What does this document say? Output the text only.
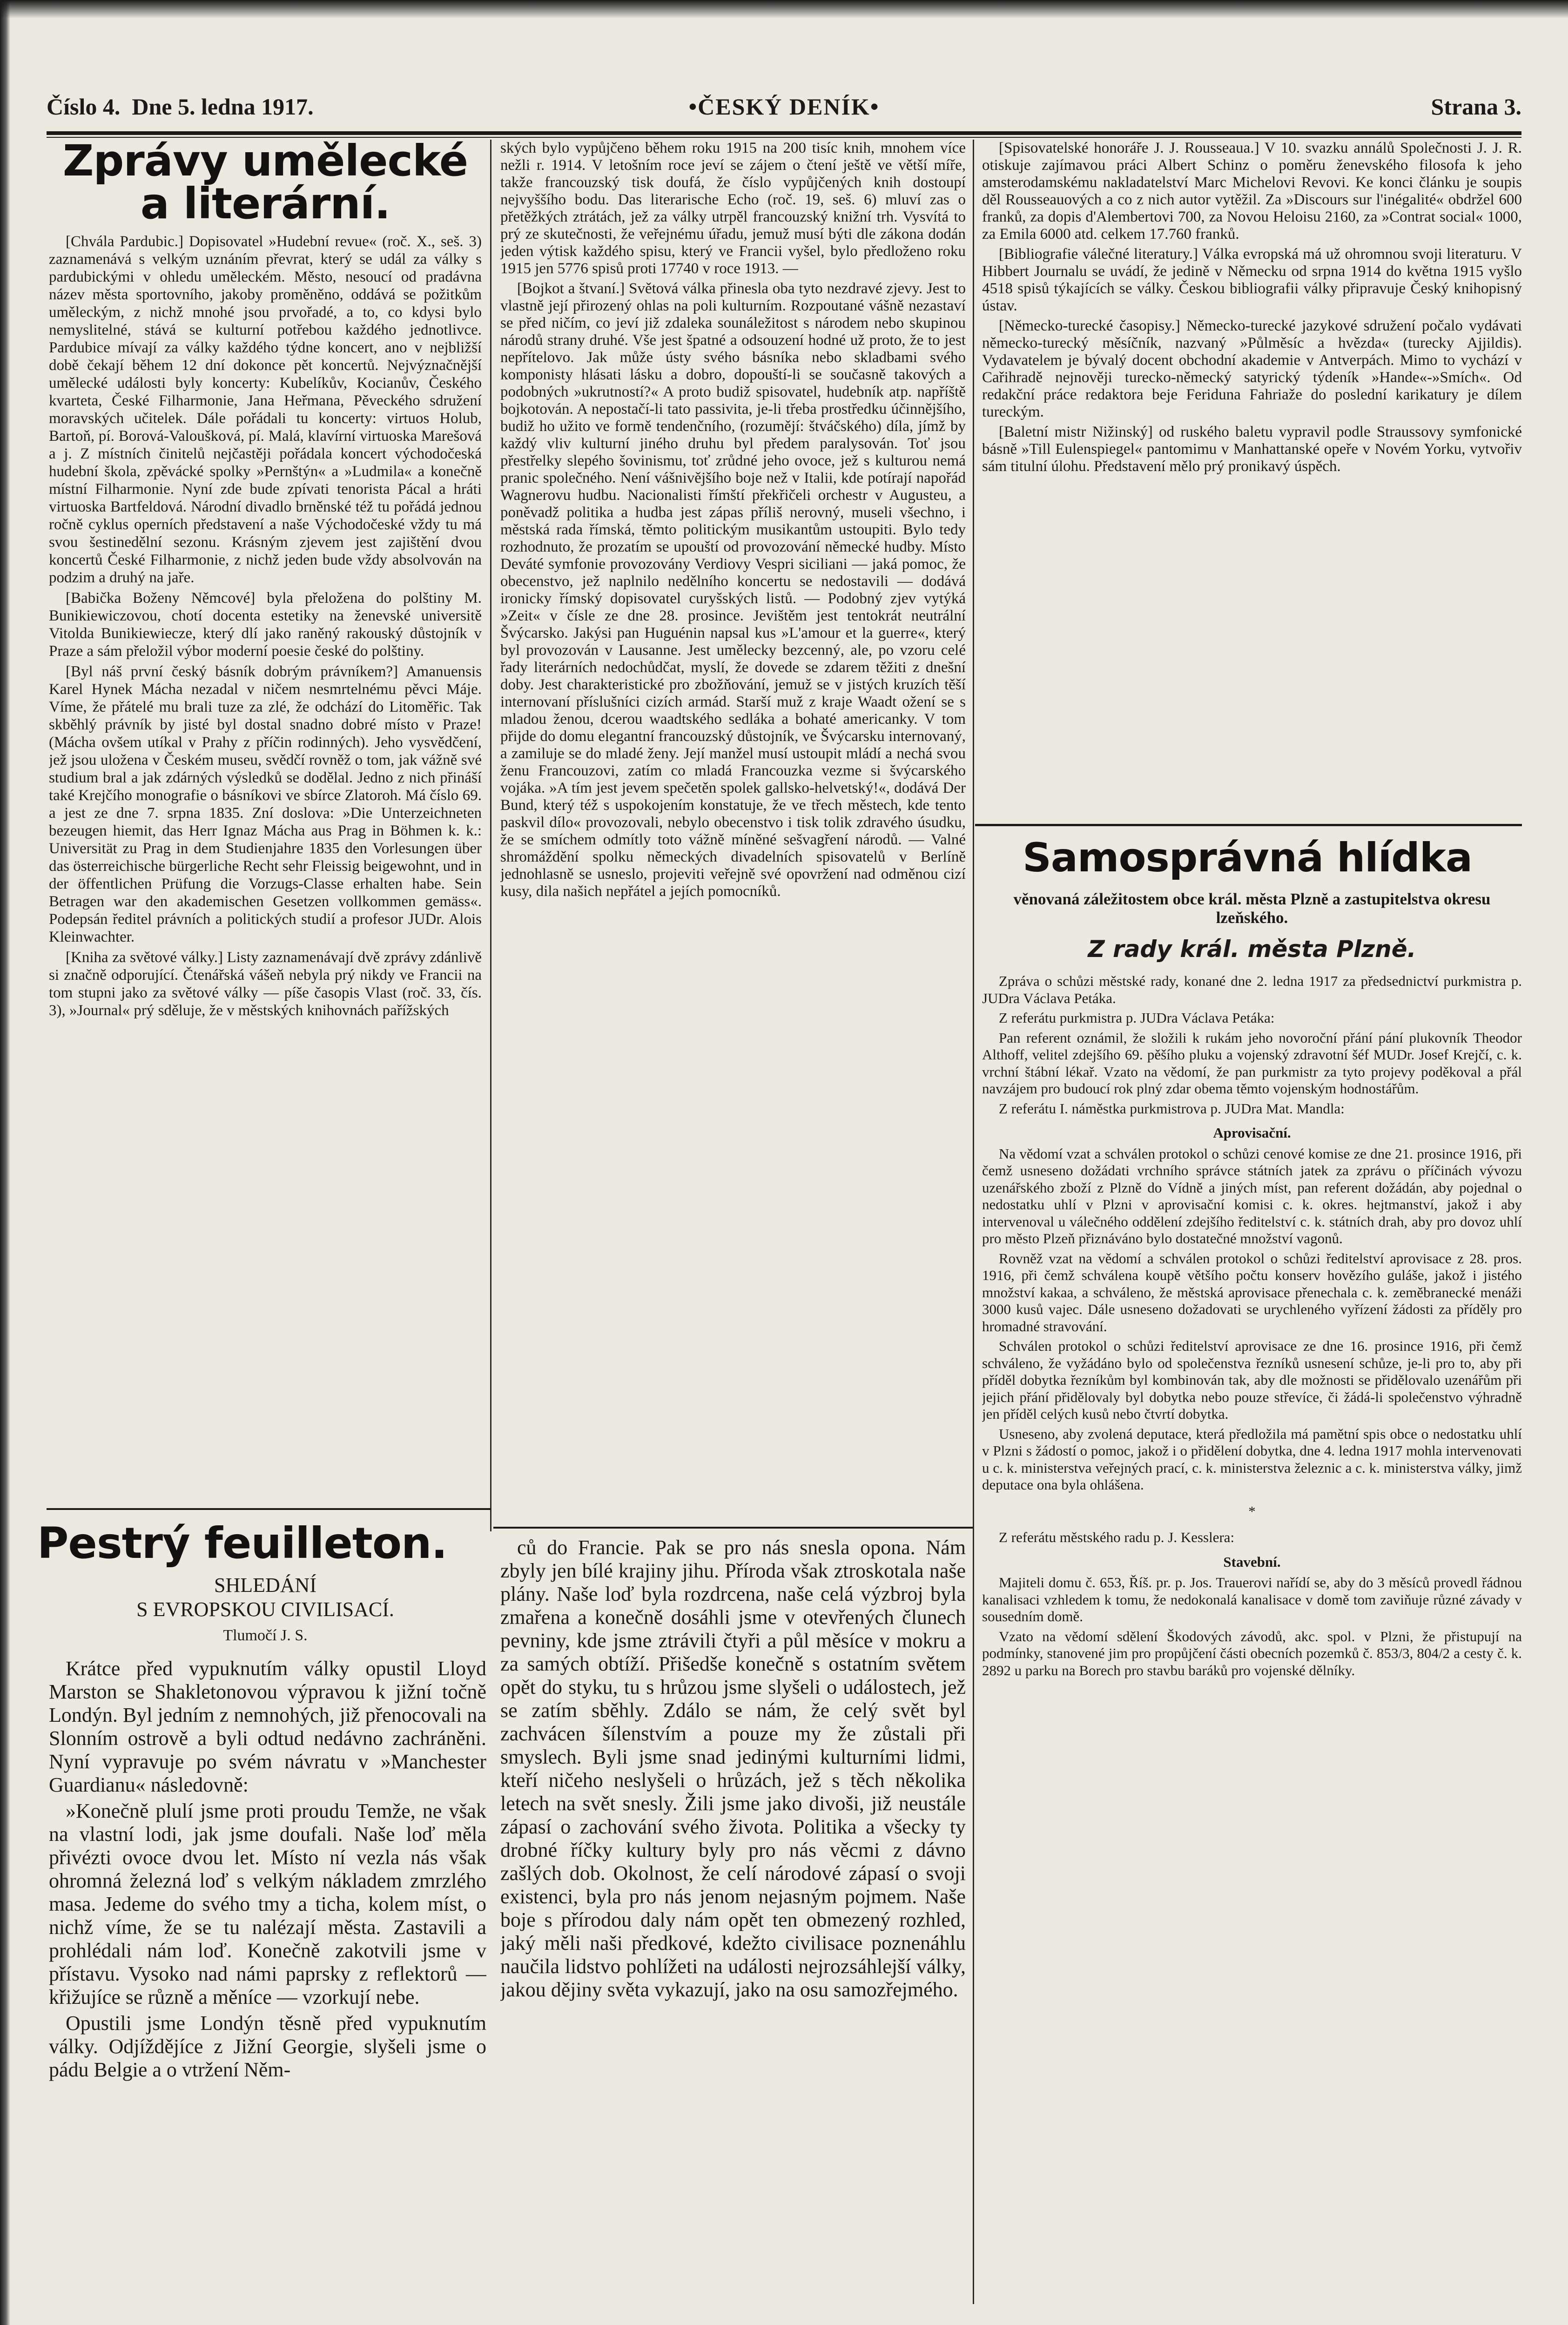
Číslo 4. Dne 5. ledna 1917.	•ČESKÝ DENÍK•	Strana 3.
Zprávy umělecké a literární.

[Chvála Pardubic.] Dopisovatel »Hudební revue« (roč. X., seš. 3) zaznamenává s velkým uznáním převrat, který se udál za války s pardubickými v ohledu uměleckém. Město, nesoucí od pradávna název města sportovního, jakoby proměněno, oddává se požitkům uměleckým, z nichž mnohé jsou prvořadé, a to, co kdysi bylo nemyslitelné, stává se kulturní potřebou každého jednotlivce. Pardubice mívají za války každého týdne koncert, ano v nejbližší době čekají během 12 dní dokonce pět koncertů. Nejvýznačnější umělecké události byly koncerty: Kubelíkův, Kocianův, Českého kvarteta, České Filharmonie, Jana Heřmana, Pěveckého sdružení moravských učitelek. Dále pořádali tu koncerty: virtuos Holub, Bartoň, pí. Borová-Valoušková, pí. Malá, klavírní virtuoska Marešová a j. Z místních činitelů nejčastěji pořádala koncert východočeská hudební škola, zpěvácké spolky »Pernštýn« a »Ludmila« a konečně místní Filharmonie. Nyní zde bude zpívati tenorista Pácal a hráti virtuoska Bartfeldová. Národní divadlo brněnské též tu pořádá jednou ročně cyklus operních představení a naše Východočeské vždy tu má svou šestinedělní sezonu. Krásným zjevem jest zajištění dvou koncertů České Filharmonie, z nichž jeden bude vždy absolvován na podzim a druhý na jaře.

[Babička Boženy Němcové] byla přeložena do polštiny M. Bunikiewiczovou, chotí docenta estetiky na ženevské universitě Vitolda Bunikiewiecze, který dlí jako raněný rakouský důstojník v Praze a sám přeložil výbor moderní poesie české do polštiny.

[Byl náš první český básník dobrým právníkem?] Amanuensis Karel Hynek Mácha nezadal v ničem nesmrtelnému pěvci Máje. Víme, že přátelé mu brali tuze za zlé, že odchází do Litoměřic. Tak skběhlý právník by jisté byl dostal snadno dobré místo v Praze! (Mácha ovšem utíkal v Prahy z příčin rodinných). Jeho vysvědčení, jež jsou uložena v Českém museu, svědčí rovněž o tom, jak vážně své studium bral a jak zdárných výsledků se dodělal. Jedno z nich přináší také Krejčího monografie o básníkovi ve sbírce Zlatoroh. Má číslo 69. a jest ze dne 7. srpna 1835. Zní doslova: »Die Unterzeichneten bezeugen hiemit, das Herr Ignaz Mácha aus Prag in Böhmen k. k.: Universität zu Prag in dem Studienjahre 1835 den Vorlesungen über das österreichische bürgerliche Recht sehr Fleissig beigewohnt, und in der öffentlichen Prüfung die Vorzugs-Classe erhalten habe. Sein Betragen war den akademischen Gesetzen vollkommen gemäss«. Podepsán ředitel právních a politických studií a profesor JUDr. Alois Kleinwachter.

[Kniha za světové války.] Listy zaznamenávají dvě zprávy zdánlivě si značně odporující. Čtenářská vášeň nebyla prý nikdy ve Francii na tom stupni jako za světové války — píše časopis Vlast (roč. 33, čís. 3), »Journal« prý sděluje, že v městských knihovnách pařížských

Pestrý feuilleton.
SHLEDÁNÍ
S EVROPSKOU CIVILISACÍ.
Tlumočí J. S.

Krátce před vypuknutím války opustil Lloyd Marston se Shakletonovou výpravou k jižní točně Londýn. Byl jedním z nemnohých, již přenocovali na Slonním ostrově a byli odtud nedávno zachráněni. Nyní vypravuje po svém návratu v »Manchester Guardianu« následovně:

»Konečně plulí jsme proti proudu Temže, ne však na vlastní lodi, jak jsme doufali. Naše loď měla přivézti ovoce dvou let. Místo ní vezla nás však ohromná železná loď s velkým nákladem zmrzlého masa. Jedeme do svého tmy a ticha, kolem míst, o nichž víme, že se tu nalézají města. Zastavili a prohlédali nám loď. Konečně zakotvili jsme v přístavu. Vysoko nad námi paprsky z reflektorů — křižujíce se různě a měníce — vzorkují nebe.

Opustili jsme Londýn těsně před vypuknutím války. Odjíždějíce z Jižní Georgie, slyšeli jsme o pádu Belgie a o vtržení Něm-

ských bylo vypůjčeno během roku 1915 na 200 tisíc knih, mnohem více nežli r. 1914. V letošním roce jeví se zájem o čtení ještě ve větší míře, takže francouzský tisk doufá, že číslo vypůjčených knih dostoupí nejvyššího bodu. Das literarische Echo (roč. 19, seš. 6) mluví zas o přetěžkých ztrátách, jež za války utrpěl francouzský knižní trh. Vysvítá to prý ze skutečnosti, že veřejnému úřadu, jemuž musí býti dle zákona dodán jeden výtisk každého spisu, který ve Francii vyšel, bylo předloženo roku 1915 jen 5776 spisů proti 17740 v roce 1913. —

[Bojkot a štvaní.] Světová válka přinesla oba tyto nezdravé zjevy. Jest to vlastně její přirozený ohlas na poli kulturním. Rozpoutané vášně nezastaví se před ničím, co jeví již zdaleka sounáležitost s národem nebo skupinou národů strany druhé. Vše jest špatné a odsouzení hodné už proto, že to jest nepřítelovo. Jak může ústy svého básníka nebo skladbami svého komponisty hlásati lásku a dobro, dopouští-li se současně takových a podobných »ukrutností?« A proto budiž spisovatel, hudebník atp. napříště bojkotován. A nepostačí-li tato passivita, je-li třeba prostředku účinnějšího, budiž ho užito ve formě tendenčního, (rozumějí: štváčského) díla, jímž by každý vliv kulturní jiného druhu byl předem paralysován. Toť jsou přestřelky slepého šovinismu, toť zrůdné jeho ovoce, jež s kulturou nemá pranic společného. Není vášnivějšího boje než v Italii, kde potírají napořád Wagnerovu hudbu. Nacionalisti římští překřičeli orchestr v Augusteu, a poněvadž politika a hudba jest zápas příliš nerovný, museli všechno, i městská rada římská, těmto politickým musikantům ustoupiti. Bylo tedy rozhodnuto, že prozatím se upouští od provozování německé hudby. Místo Deváté symfonie provozovány Verdiovy Vespri siciliani — jaká pomoc, že obecenstvo, jež naplnilo nedělního koncertu se nedostavili — dodává ironicky římský dopisovatel curyšských listů. — Podobný zjev vytýká »Zeit« v čísle ze dne 28. prosince. Jevištěm jest tentokrát neutrální Švýcarsko. Jakýsi pan Huguénin napsal kus »L'amour et la guerre«, který byl provozován v Lausanne. Jest umělecky bezcenný, ale, po vzoru celé řady literárních nedochůdčat, myslí, že dovede se zdarem těžiti z dnešní doby. Jest charakteristické pro zbožňování, jemuž se v jistých kruzích těší internovaní příslušníci cizích armád. Starší muž z kraje Waadt ožení se s mladou ženou, dcerou waadtského sedláka a bohaté americanky. V tom přijde do domu elegantní francouzský důstojník, ve Švýcarsku internovaný, a zamiluje se do mladé ženy. Její manžel musí ustoupit mládí a nechá svou ženu Francouzovi, zatím co mladá Francouzka vezme si švýcarského vojáka. »A tím jest jevem spečetěn spolek gallsko-helvetský!«, dodává Der Bund, který též s uspokojením konstatuje, že ve třech městech, kde tento paskvil dílo« provozovali, nebylo obecenstvo i tisk tolik zdravého úsudku, že se smíchem odmítly toto vážně míněné sešvagření národů. — Valné shromáždění spolku německých divadelních spisovatelů v Berlíně jednohlasně se usneslo, projeviti veřejně své opovržení nad odměnou cizí kusy, dila našich nepřátel a jejích pomocníků.

ců do Francie. Pak se pro nás snesla opona. Nám zbyly jen bílé krajiny jihu. Příroda však ztroskotala naše plány. Naše loď byla rozdrcena, naše celá výzbroj byla zmařena a konečně dosáhli jsme v otevřených člunech pevniny, kde jsme ztrávili čtyři a půl měsíce v mokru a za samých obtíží. Přišedše konečně s ostatním světem opět do styku, tu s hrůzou jsme slyšeli o událostech, jež se zatím sběhly. Zdálo se nám, že celý svět byl zachvácen šílenstvím a pouze my že zůstali při smyslech. Byli jsme snad jedinými kulturními lidmi, kteří ničeho neslyšeli o hrůzách, jež s těch několika letech na svět snesly. Žili jsme jako divoši, již neustále zápasí o zachování svého života. Politika a všecky ty drobné říčky kultury byly pro nás věcmi z dávno zašlých dob. Okolnost, že celí národové zápasí o svoji existenci, byla pro nás jenom nejasným pojmem. Naše boje s přírodou daly nám opět ten obmezený rozhled, jaký měli naši předkové, kdežto civilisace poznenáhlu naučila lidstvo pohlížeti na události nejrozsáhlejší války, jakou dějiny světa vykazují, jako na osu samozřejmého.

[Spisovatelské honoráře J. J. Rousseaua.] V 10. svazku annálů Společnosti J. J. R. otiskuje zajímavou práci Albert Schinz o poměru ženevského filosofa k jeho amsterodamskému nakladatelství Marc Michelovi Revovi. Ke konci článku je soupis děl Rousseauových a co z nich autor vytěžil. Za »Discours sur l'inégalité« obdržel 600 franků, za dopis d'Alembertovi 700, za Novou Heloisu 2160, za »Contrat social« 1000, za Emila 6000 atd. celkem 17.760 franků.

[Bibliografie válečné literatury.] Válka evropská má už ohromnou svoji literaturu. V Hibbert Journalu se uvádí, že jedině v Německu od srpna 1914 do května 1915 vyšlo 4518 spisů týkajících se války. Českou bibliografii války připravuje Český knihopisný ústav.

[Německo-turecké časopisy.] Německo-turecké jazykové sdružení počalo vydávati německo-turecký měsíčník, nazvaný »Půlměsíc a hvězda« (turecky Ajjildis). Vydavatelem je bývalý docent obchodní akademie v Antverpách. Mimo to vychází v Cařihradě nejnověji turecko-německý satyrický týdeník »Hande«-»Smích«. Od redakční práce redaktora beje Feriduna Fahriaže do poslední karikatury je dílem tureckým.

[Baletní mistr Nižinský] od ruského baletu vypravil podle Straussovy symfonické básně »Till Eulenspiegel« pantomimu v Manhattanské opeře v Novém Yorku, vytvořiv sám titulní úlohu. Představení mělo prý pronikavý úspěch.

Samosprávná hlídka
věnovaná záležitostem obce král. města Plzně a zastupitelstva okresu lzeňského.
Z rady král. města Plzně.

Zpráva o schůzi městské rady, konané dne 2. ledna 1917 za předsednictví purkmistra p. JUDra Václava Petáka.

Z referátu purkmistra p. JUDra Václava Petáka:

Pan referent oznámil, že složili k rukám jeho novoroční přání pání plukovník Theodor Althoff, velitel zdejšího 69. pěšího pluku a vojenský zdravotní šéf MUDr. Josef Krejčí, c. k. vrchní štábní lékař. Vzato na vědomí, že pan purkmistr za tyto projevy poděkoval a přál navzájem pro budoucí rok plný zdar obema těmto vojenským hodnostářům.

Z referátu I. náměstka purkmistrova p. JUDra Mat. Mandla:

Aprovisační.

Na vědomí vzat a schválen protokol o schůzi cenové komise ze dne 21. prosince 1916, při čemž usneseno dožádati vrchního správce státních jatek za zprávu o příčinách vývozu uzenářského zboží z Plzně do Vídně a jiných míst, pan referent dožádán, aby pojednal o nedostatku uhlí v Plzni v aprovisační komisi c. k. okres. hejtmanství, jakož i aby intervenoval u válečného oddělení zdejšího ředitelství c. k. státních drah, aby pro dovoz uhlí pro město Plzeň přiznáváno bylo dostatečné množství vagonů.

Rovněž vzat na vědomí a schválen protokol o schůzi ředitelství aprovisace z 28. pros. 1916, při čemž schválena koupě většího počtu konserv hovězího guláše, jakož i jistého množství kakaa, a schváleno, že městská aprovisace přenechala c. k. zeměbranecké menáži 3000 kusů vajec. Dále usneseno dožadovati se urychleného vyřízení žádosti za příděly pro hromadné stravování.

Schválen protokol o schůzi ředitelství aprovisace ze dne 16. prosince 1916, při čemž schváleno, že vyžádáno bylo od společenstva řezníků usnesení schůze, je-li pro to, aby při příděl dobytka řezníkům byl kombinován tak, aby dle možnosti se přidělovalo uzenářům při jejich přání přidělovaly byl dobytka nebo pouze střevíce, či žádá-li společenstvo výhradně jen příděl celých kusů nebo čtvrtí dobytka.

Usneseno, aby zvolená deputace, která předložila má pamětní spis obce o nedostatku uhlí v Plzni s žádostí o pomoc, jakož i o přidělení dobytka, dne 4. ledna 1917 mohla intervenovati u c. k. ministerstva veřejných prací, c. k. ministerstva železnic a c. k. ministerstva války, jimž deputace ona byla ohlášena.

*

Z referátu městského radu p. J. Kesslera:

Stavební.

Majiteli domu č. 653, Říš. pr. p. Jos. Trauerovi nařídí se, aby do 3 měsíců provedl řádnou kanalisaci vzhledem k tomu, že nedokonalá kanalisace v domě tom zaviňuje různé závady v sousedním domě.

Vzato na vědomí sdělení Škodových závodů, akc. spol. v Plzni, že přistupují na podmínky, stanovené jim pro propůjčení části obecních pozemků č. 853/3, 804/2 a cesty č. k. 2892 u parku na Borech pro stavbu baráků pro vojenské dělníky.
